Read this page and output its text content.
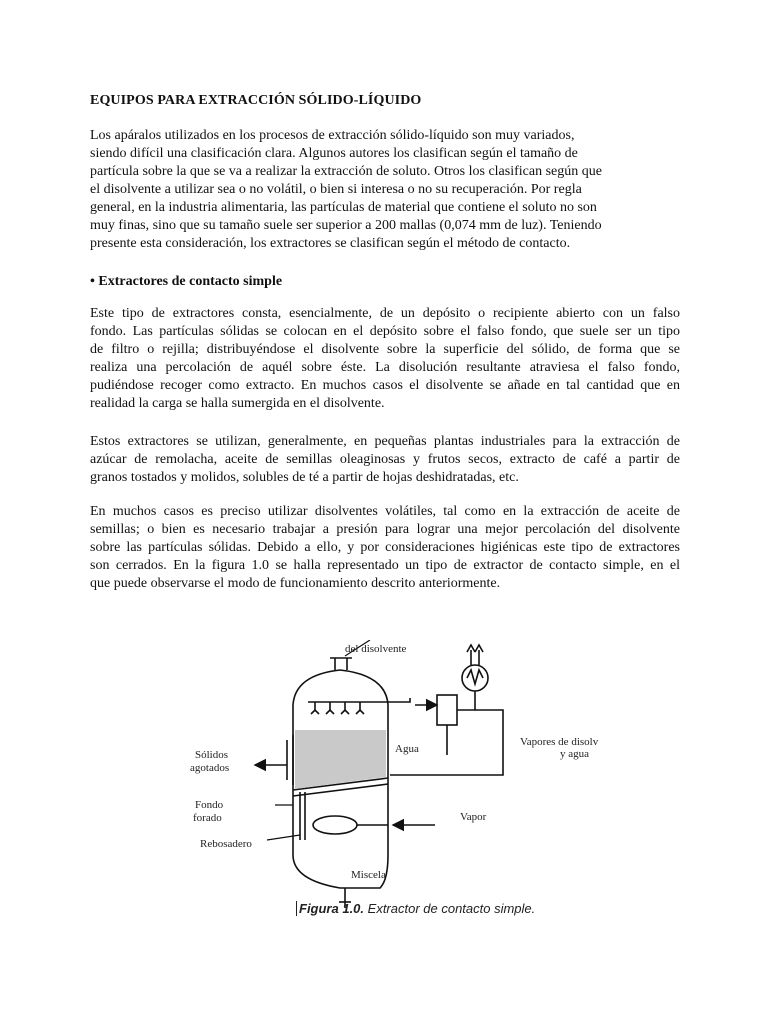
EQUIPOS PARA EXTRACCIÓN SÓLIDO-LÍQUIDO

Los apáralos utilizados en los procesos de extracción sólido-líquido son muy variados,
siendo difícil una clasificación clara. Algunos autores los clasifican según el tamaño de
partícula sobre la que se va a realizar la extracción de soluto. Otros los clasifican según que
el disolvente a utilizar sea o no volátil, o bien si interesa o no su recuperación. Por regla
general, en la industria alimentaria, las partículas de material que contiene el soluto no son
muy finas, sino que su tamaño suele ser superior a 200 mallas (0,074 mm de luz). Teniendo
presente esta consideración, los extractores se clasifican según el método de contacto.

• Extractores de contacto simple

Este tipo de extractores consta, esencialmente, de un depósito o recipiente abierto con un falso
fondo. Las partículas sólidas se colocan en el depósito sobre el falso fondo, que suele ser un tipo
de filtro o rejilla; distribuyéndose el disolvente sobre la superficie del sólido, de forma que se
realiza una percolación de aquél sobre éste. La disolución resultante atraviesa el falso fondo,
pudiéndose recoger como extracto. En muchos casos el disolvente se añade en tal cantidad que en
realidad la carga se halla sumergida en el disolvente.

Estos extractores se utilizan, generalmente, en pequeñas plantas industriales para la extracción de
azúcar de remolacha, aceite de semillas oleaginosas y frutos secos, extracto de café a partir de
granos tostados y molidos, solubles de té a partir de hojas deshidratadas, etc.

En muchos casos es preciso utilizar disolventes volátiles, tal como en la extracción de aceite de
semillas; o bien es necesario trabajar a presión para lograr una mejor percolación del disolvente
sobre las partículas sólidas. Debido a ello, y por consideraciones higiénicas este tipo de extractores
son cerrados. En la figura 1.0 se halla representado un tipo de extractor de contacto simple, en el
que puede observarse el modo de funcionamiento descrito anteriormente.

del disolvente
Sólidos
agotados
Agua
Vapores de disolv
y agua
Fondo
forado	Vapor
Rebosadero
Miscela
Figura 1.0. Extractor de contacto simple.
